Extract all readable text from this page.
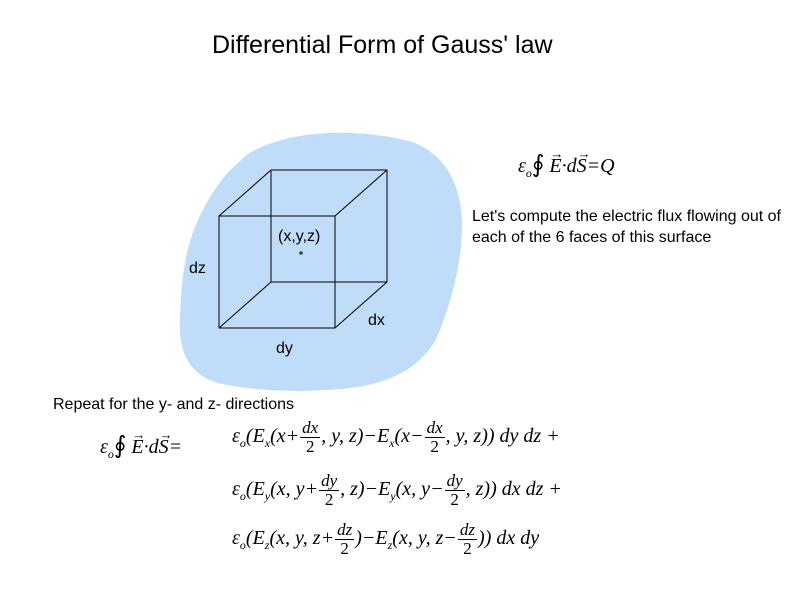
Differential Form of Gauss' law
(x,y,z)
dz
dx
dy
$\varepsilon_o∮ \to E\cdot d\to S=Q$
Let's compute the electric flux flowing out of each of the 6 faces of this surface
Repeat for the y- and z- directions
$\varepsilon_o∮ \to E\cdot d\to S= \varepsilon_o(E_x(x+ \frac{dx}{2}$ , y, $z)-E_x(x- \frac{dx}{2}$ , y, z)) dy dz +
$\varepsilon_o(E_y(x$, $y+ \frac{dy}{2}$ , $z)-E_y(x$, $y- \frac{dy}{2}$ , z)) dx dz +
$\varepsilon_o(E_z(x$, y, $z+ \frac{dz}{2} )-E_z(x$, y, $z- \frac{dz}{2}$ )) dx dy
